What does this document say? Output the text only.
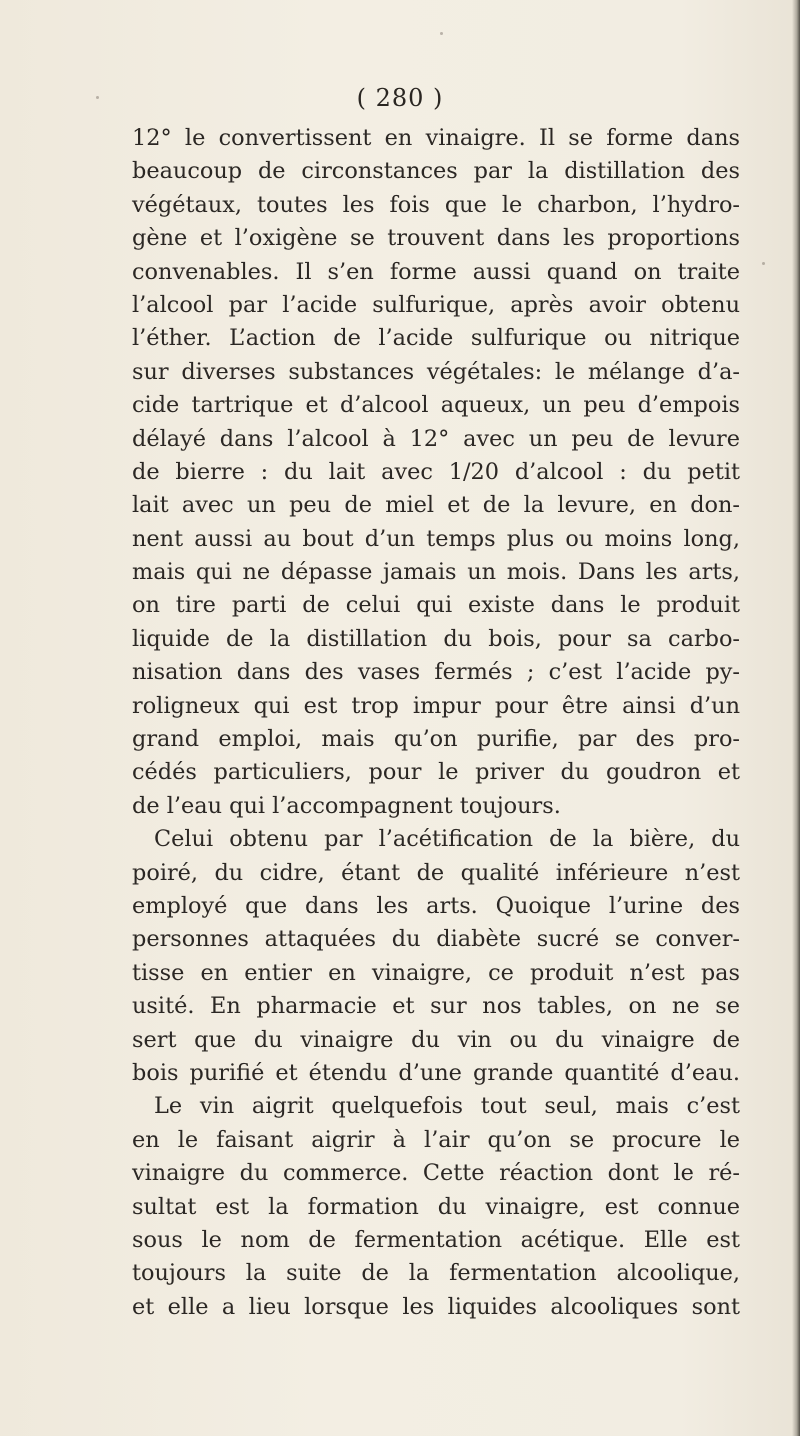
( 280 )
12° le convertissent en vinaigre. Il se forme dans
beaucoup de circonstances par la distillation des
végétaux, toutes les fois que le charbon, l’hydro-
gène et l’oxigène se trouvent dans les proportions
convenables. Il s’en forme aussi quand on traite
l’alcool par l’acide sulfurique, après avoir obtenu
l’éther. L’action de l’acide sulfurique ou nitrique
sur diverses substances végétales: le mélange d’a-
cide tartrique et d’alcool aqueux, un peu d’empois
délayé dans l’alcool à 12° avec un peu de levure
de bierre : du lait avec 1/20 d’alcool : du petit
lait avec un peu de miel et de la levure, en don-
nent aussi au bout d’un temps plus ou moins long,
mais qui ne dépasse jamais un mois. Dans les arts,
on tire parti de celui qui existe dans le produit
liquide de la distillation du bois, pour sa carbo-
nisation dans des vases fermés ; c’est l’acide py-
roligneux qui est trop impur pour être ainsi d’un
grand emploi, mais qu’on purifie, par des pro-
cédés particuliers, pour le priver du goudron et
de l’eau qui l’accompagnent toujours.
Celui obtenu par l’acétification de la bière, du
poiré, du cidre, étant de qualité inférieure n’est
employé que dans les arts. Quoique l’urine des
personnes attaquées du diabète sucré se conver-
tisse en entier en vinaigre, ce produit n’est pas
usité. En pharmacie et sur nos tables, on ne se
sert que du vinaigre du vin ou du vinaigre de
bois purifié et étendu d’une grande quantité d’eau.
Le vin aigrit quelquefois tout seul, mais c’est
en le faisant aigrir à l’air qu’on se procure le
vinaigre du commerce. Cette réaction dont le ré-
sultat est la formation du vinaigre, est connue
sous le nom de fermentation acétique. Elle est
toujours la suite de la fermentation alcoolique,
et elle a lieu lorsque les liquides alcooliques sont
